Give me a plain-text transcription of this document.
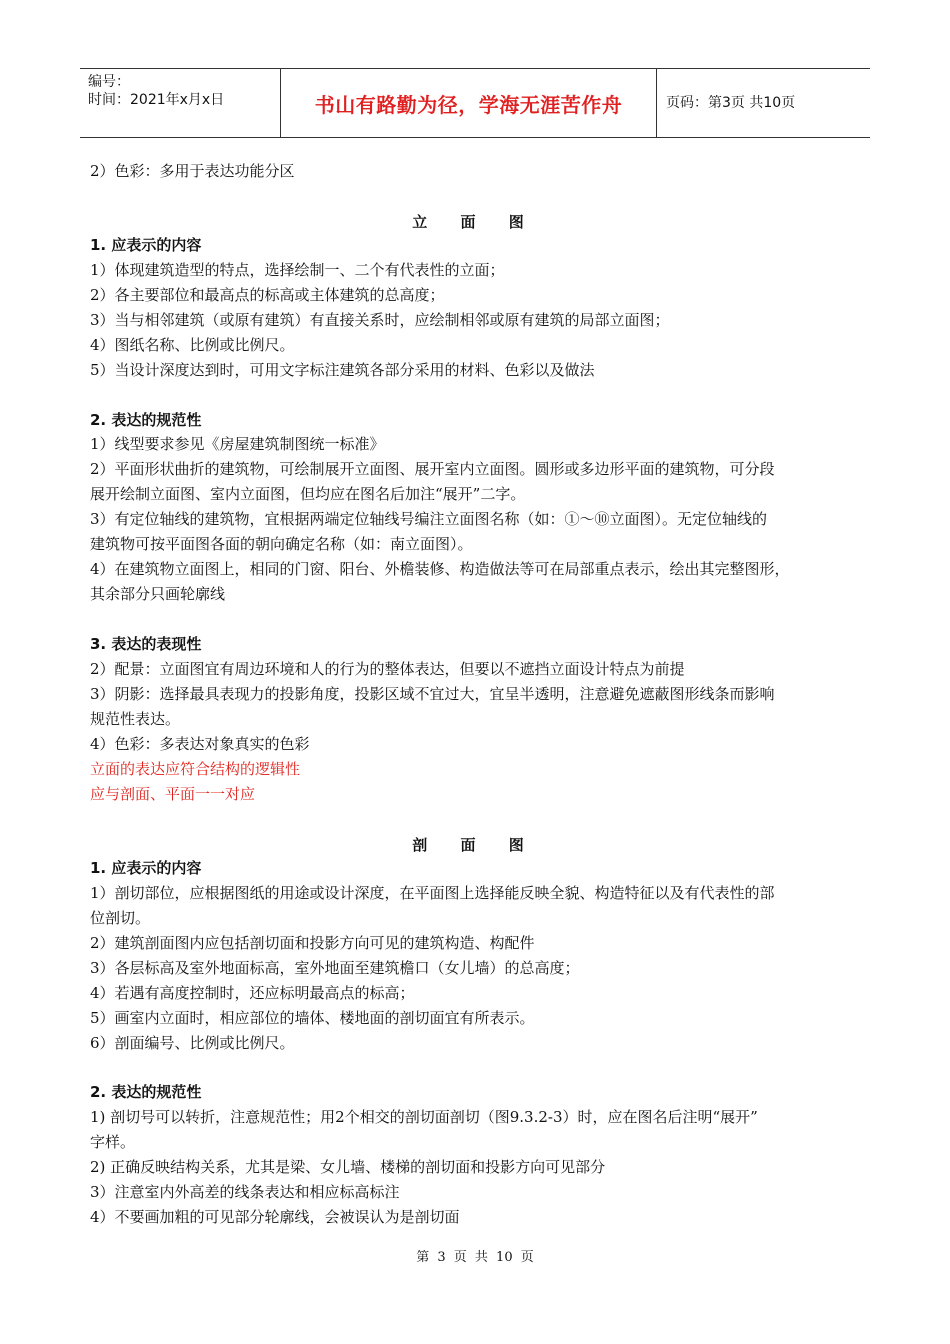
编号：
时间：2021年x月x日	书山有路勤为径，学海无涯苦作舟	页码：第3页 共10页
2）色彩：多用于表达功能分区
立 面 图
1. 应表示的内容
1）体现建筑造型的特点，选择绘制一、二个有代表性的立面；
2）各主要部位和最高点的标高或主体建筑的总高度；
3）当与相邻建筑（或原有建筑）有直接关系时，应绘制相邻或原有建筑的局部立面图；
4）图纸名称、比例或比例尺。
5）当设计深度达到时，可用文字标注建筑各部分采用的材料、色彩以及做法
2. 表达的规范性
1）线型要求参见《房屋建筑制图统一标准》
2）平面形状曲折的建筑物，可绘制展开立面图、展开室内立面图。圆形或多边形平面的建筑物，可分段
展开绘制立面图、室内立面图，但均应在图名后加注“展开”二字。
3）有定位轴线的建筑物，宜根据两端定位轴线号编注立面图名称（如：①～⑩立面图）。无定位轴线的
建筑物可按平面图各面的朝向确定名称（如：南立面图）。
4）在建筑物立面图上，相同的门窗、阳台、外檐装修、构造做法等可在局部重点表示，绘出其完整图形，
其余部分只画轮廓线
3. 表达的表现性
2）配景：立面图宜有周边环境和人的行为的整体表达，但要以不遮挡立面设计特点为前提
3）阴影：选择最具表现力的投影角度，投影区域不宜过大，宜呈半透明，注意避免遮蔽图形线条而影响
规范性表达。
4）色彩：多表达对象真实的色彩
立面的表达应符合结构的逻辑性
应与剖面、平面一一对应
剖 面 图
1. 应表示的内容
1）剖切部位，应根据图纸的用途或设计深度，在平面图上选择能反映全貌、构造特征以及有代表性的部
位剖切。
2）建筑剖面图内应包括剖切面和投影方向可见的建筑构造、构配件
3）各层标高及室外地面标高，室外地面至建筑檐口（女儿墙）的总高度；
4）若遇有高度控制时，还应标明最高点的标高；
5）画室内立面时，相应部位的墙体、楼地面的剖切面宜有所表示。
6）剖面编号、比例或比例尺。
2. 表达的规范性
1) 剖切号可以转折，注意规范性；用2个相交的剖切面剖切（图9.3.2-3）时，应在图名后注明“展开”
字样。
2) 正确反映结构关系，尤其是梁、女儿墙、楼梯的剖切面和投影方向可见部分
3）注意室内外高差的线条表达和相应标高标注
4）不要画加粗的可见部分轮廓线，会被误认为是剖切面
第 3 页 共 10 页
